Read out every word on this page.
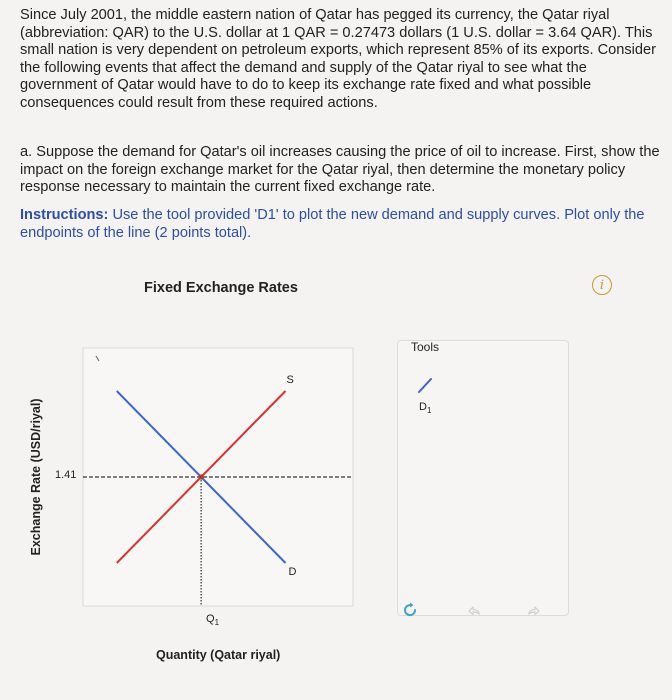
Since July 2001, the middle eastern nation of Qatar has pegged its currency, the Qatar riyal (abbreviation: QAR) to the U.S. dollar at 1 QAR = 0.27473 dollars (1 U.S. dollar = 3.64 QAR). This small nation is very dependent on petroleum exports, which represent 85% of its exports. Consider the following events that affect the demand and supply of the Qatar riyal to see what the government of Qatar would have to do to keep its exchange rate fixed and what possible consequences could result from these required actions.

a. Suppose the demand for Qatar's oil increases causing the price of oil to increase. First, show the impact on the foreign exchange market for the Qatar riyal, then determine the monetary policy response necessary to maintain the current fixed exchange rate.

Instructions: Use the tool provided 'D1' to plot the new demand and supply curves. Plot only the endpoints of the line (2 points total).

Fixed Exchange Rates	i
S
D
Exchange Rate (USD/riyal) 1.41
$Q_1$
Quantity (Qatar riyal)
Tools
$D_1$
